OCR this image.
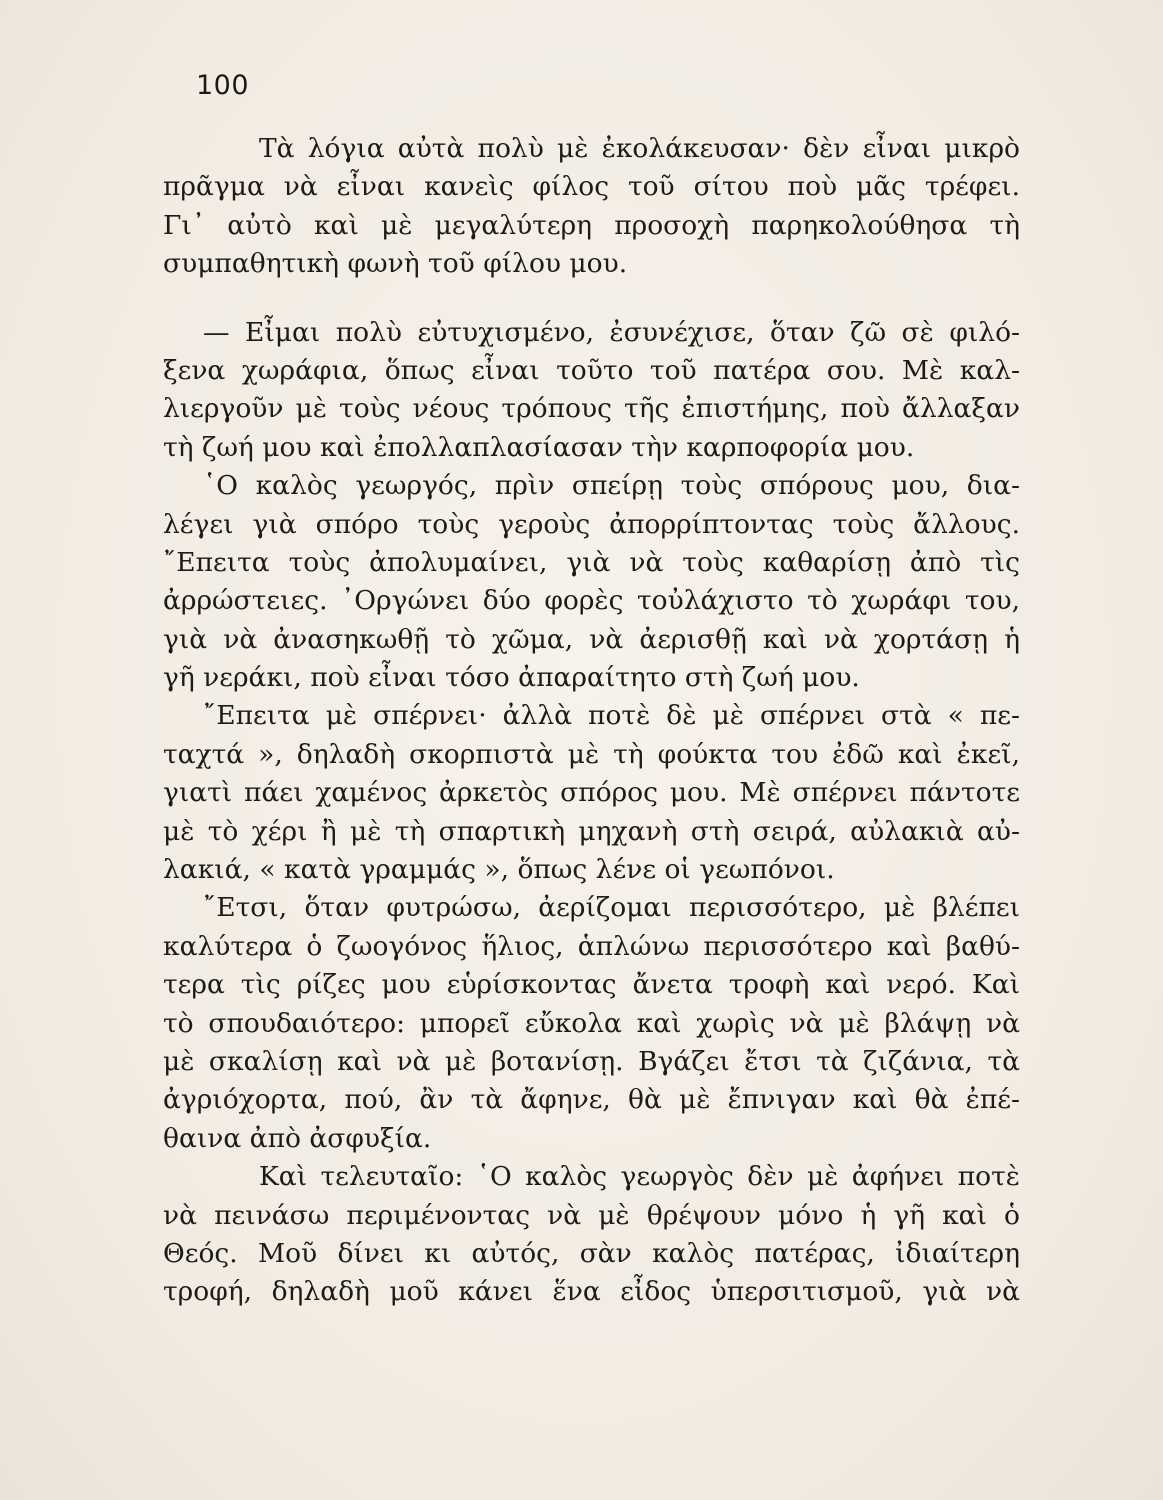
100
Τὰ λόγια αὐτὰ πολὺ μὲ ἐκολάκευσαν· δὲν εἶναι μικρὸ
πρᾶγμα νὰ εἶναι κανεὶς φίλος τοῦ σίτου ποὺ μᾶς τρέφει.
Γι᾽ αὐτὸ καὶ μὲ μεγαλύτερη προσοχὴ παρηκολούθησα τὴ
συμπαθητικὴ φωνὴ τοῦ φίλου μου.
— Εἶμαι πολὺ εὐτυχισμένο, ἐσυνέχισε, ὅταν ζῶ σὲ φιλό-
ξενα χωράφια, ὅπως εἶναι τοῦτο τοῦ πατέρα σου. Μὲ καλ-
λιεργοῦν μὲ τοὺς νέους τρόπους τῆς ἐπιστήμης, ποὺ ἄλλαξαν
τὴ ζωή μου καὶ ἐπολλαπλασίασαν τὴν καρποφορία μου.
῾Ο καλὸς γεωργός, πρὶν σπείρῃ τοὺς σπόρους μου, δια-
λέγει γιὰ σπόρο τοὺς γεροὺς ἀπορρίπτοντας τοὺς ἄλλους.
῎Επειτα τοὺς ἀπολυμαίνει, γιὰ νὰ τοὺς καθαρίσῃ ἀπὸ τὶς
ἀρρώστειες. ᾿Οργώνει δύο φορὲς τοὐλάχιστο τὸ χωράφι του,
γιὰ νὰ ἀνασηκωθῇ τὸ χῶμα, νὰ ἀερισθῇ καὶ νὰ χορτάσῃ ἡ
γῆ νεράκι, ποὺ εἶναι τόσο ἀπαραίτητο στὴ ζωή μου.
῎Επειτα μὲ σπέρνει· ἀλλὰ ποτὲ δὲ μὲ σπέρνει στὰ « πε-
ταχτά », δηλαδὴ σκορπιστὰ μὲ τὴ φούκτα του ἐδῶ καὶ ἐκεῖ,
γιατὶ πάει χαμένος ἀρκετὸς σπόρος μου. Μὲ σπέρνει πάντοτε
μὲ τὸ χέρι ἢ μὲ τὴ σπαρτικὴ μηχανὴ στὴ σειρά, αὐλακιὰ αὐ-
λακιά, « κατὰ γραμμάς », ὅπως λένε οἱ γεωπόνοι.
῎Ετσι, ὅταν φυτρώσω, ἀερίζομαι περισσότερο, μὲ βλέπει
καλύτερα ὁ ζωογόνος ἥλιος, ἁπλώνω περισσότερο καὶ βαθύ-
τερα τὶς ρίζες μου εὑρίσκοντας ἄνετα τροφὴ καὶ νερό. Καὶ
τὸ σπουδαιότερο: μπορεῖ εὔκολα καὶ χωρὶς νὰ μὲ βλάψῃ νὰ
μὲ σκαλίσῃ καὶ νὰ μὲ βοτανίσῃ. Βγάζει ἔτσι τὰ ζιζάνια, τὰ
ἀγριόχορτα, πού, ἂν τὰ ἄφηνε, θὰ μὲ ἔπνιγαν καὶ θὰ ἐπέ-
θαινα ἀπὸ ἀσφυξία.
Καὶ τελευταῖο: ῾Ο καλὸς γεωργὸς δὲν μὲ ἀφήνει ποτὲ
νὰ πεινάσω περιμένοντας νὰ μὲ θρέψουν μόνο ἡ γῆ καὶ ὁ
Θεός. Μοῦ δίνει κι αὐτός, σὰν καλὸς πατέρας, ἰδιαίτερη
τροφή, δηλαδὴ μοῦ κάνει ἕνα εἶδος ὑπερσιτισμοῦ, γιὰ νὰ
